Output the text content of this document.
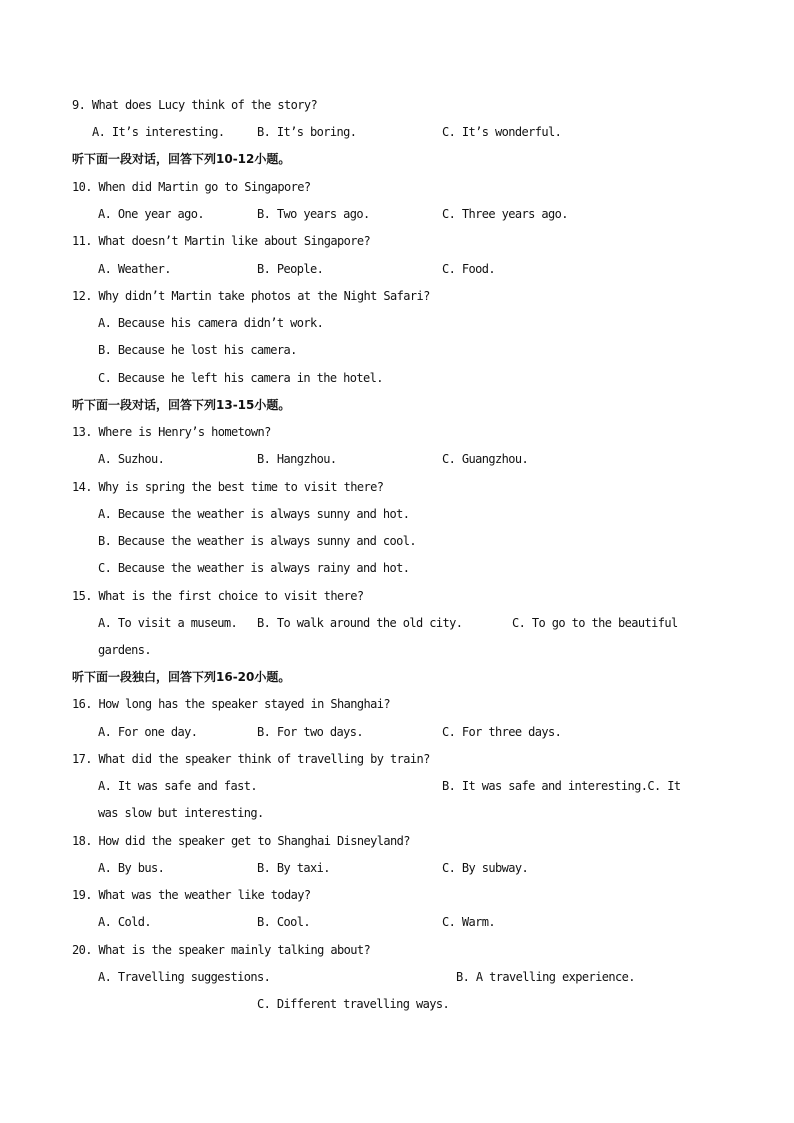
9. What does Lucy think of the story?
A. It’s interesting.	B. It’s boring.	C. It’s wonderful.
听下面一段对话，回答下列10-12小题。
10. When did Martin go to Singapore?
A. One year ago.	B. Two years ago.	C. Three years ago.
11. What doesn’t Martin like about Singapore?
A. Weather.	B. People.	C. Food.
12. Why didn’t Martin take photos at the Night Safari?
A. Because his camera didn’t work.
B. Because he lost his camera.
C. Because he left his camera in the hotel.
听下面一段对话，回答下列13-15小题。
13. Where is Henry’s hometown?
A. Suzhou.	B. Hangzhou.	C. Guangzhou.
14. Why is spring the best time to visit there?
A. Because the weather is always sunny and hot.
B. Because the weather is always sunny and cool.
C. Because the weather is always rainy and hot.
15. What is the first choice to visit there?
A. To visit a museum. B. To walk around the old city.	C. To go to the beautiful
gardens.
听下面一段独白，回答下列16-20小题。
16. How long has the speaker stayed in Shanghai?
A. For one day.	B. For two days.	C. For three days.
17. What did the speaker think of travelling by train?
A. It was safe and fast.	B. It was safe and interesting.C. It
was slow but interesting.
18. How did the speaker get to Shanghai Disneyland?
A. By bus.	B. By taxi.	C. By subway.
19. What was the weather like today?
A. Cold.	B. Cool.	C. Warm.
20. What is the speaker mainly talking about?
A. Travelling suggestions.	B. A travelling experience.
C. Different travelling ways.
